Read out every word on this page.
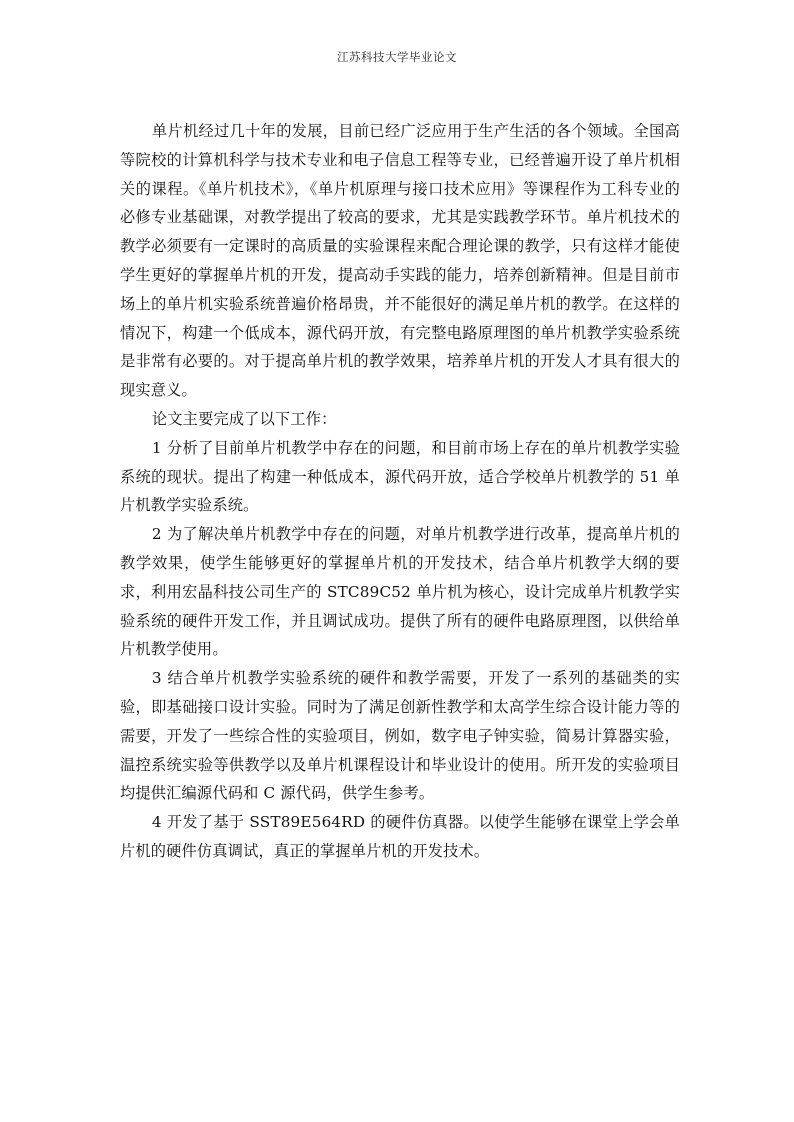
江苏科技大学毕业论文

单片机经过几十年的发展，目前已经广泛应用于生产生活的各个领域。全国高等院校的计算机科学与技术专业和电子信息工程等专业，已经普遍开设了单片机相关的课程。《单片机技术》，《单片机原理与接口技术应用》等课程作为工科专业的必修专业基础课，对教学提出了较高的要求，尤其是实践教学环节。单片机技术的教学必须要有一定课时的高质量的实验课程来配合理论课的教学，只有这样才能使学生更好的掌握单片机的开发，提高动手实践的能力，培养创新精神。但是目前市场上的单片机实验系统普遍价格昂贵，并不能很好的满足单片机的教学。在这样的情况下，构建一个低成本，源代码开放，有完整电路原理图的单片机教学实验系统是非常有必要的。对于提高单片机的教学效果，培养单片机的开发人才具有很大的现实意义。

论文主要完成了以下工作：

1 分析了目前单片机教学中存在的问题，和目前市场上存在的单片机教学实验系统的现状。提出了构建一种低成本，源代码开放，适合学校单片机教学的 51 单片机教学实验系统。

2 为了解决单片机教学中存在的问题，对单片机教学进行改革，提高单片机的教学效果，使学生能够更好的掌握单片机的开发技术，结合单片机教学大纲的要求，利用宏晶科技公司生产的 STC89C52 单片机为核心，设计完成单片机教学实验系统的硬件开发工作，并且调试成功。提供了所有的硬件电路原理图，以供给单片机教学使用。

3 结合单片机教学实验系统的硬件和教学需要，开发了一系列的基础类的实验，即基础接口设计实验。同时为了满足创新性教学和太高学生综合设计能力等的需要，开发了一些综合性的实验项目，例如，数字电子钟实验，简易计算器实验，温控系统实验等供教学以及单片机课程设计和毕业设计的使用。所开发的实验项目均提供汇编源代码和 C 源代码，供学生参考。

4 开发了基于 SST89E564RD 的硬件仿真器。以使学生能够在课堂上学会单片机的硬件仿真调试，真正的掌握单片机的开发技术。
